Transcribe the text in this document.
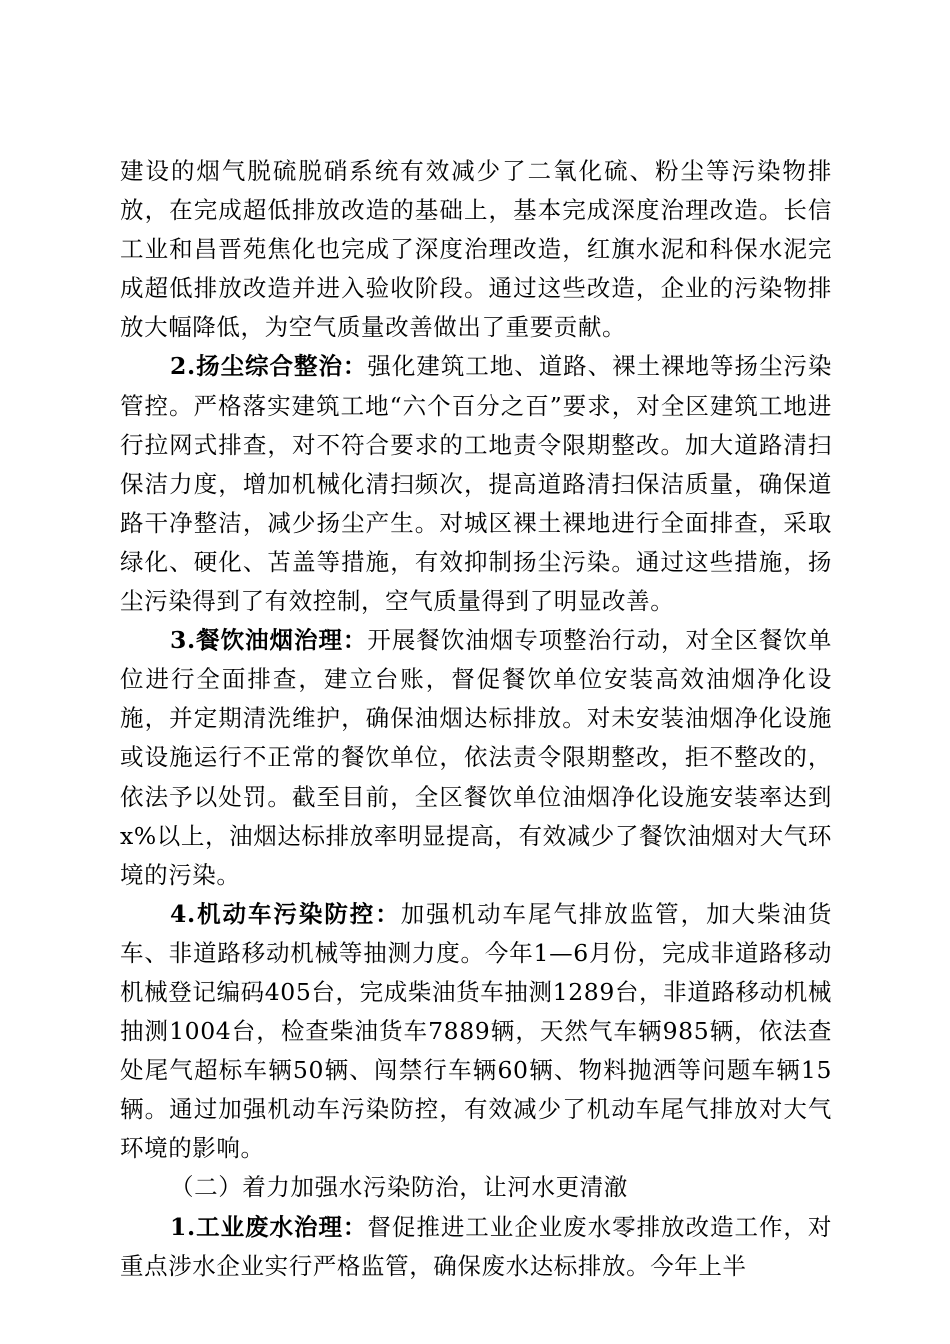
建设的烟气脱硫脱硝系统有效减少了二氧化硫、粉尘等污染物排放，在完成超低排放改造的基础上，基本完成深度治理改造。长信工业和昌晋苑焦化也完成了深度治理改造，红旗水泥和科保水泥完成超低排放改造并进入验收阶段。通过这些改造，企业的污染物排放大幅降低，为空气质量改善做出了重要贡献。

2.扬尘综合整治：强化建筑工地、道路、裸土裸地等扬尘污染管控。严格落实建筑工地“六个百分之百”要求，对全区建筑工地进行拉网式排查，对不符合要求的工地责令限期整改。加大道路清扫保洁力度，增加机械化清扫频次，提高道路清扫保洁质量，确保道路干净整洁，减少扬尘产生。对城区裸土裸地进行全面排查，采取绿化、硬化、苫盖等措施，有效抑制扬尘污染。通过这些措施，扬尘污染得到了有效控制，空气质量得到了明显改善。

3.餐饮油烟治理：开展餐饮油烟专项整治行动，对全区餐饮单位进行全面排查，建立台账，督促餐饮单位安装高效油烟净化设施，并定期清洗维护，确保油烟达标排放。对未安装油烟净化设施或设施运行不正常的餐饮单位，依法责令限期整改，拒不整改的，依法予以处罚。截至目前，全区餐饮单位油烟净化设施安装率达到x%以上，油烟达标排放率明显提高，有效减少了餐饮油烟对大气环境的污染。

4.机动车污染防控：加强机动车尾气排放监管，加大柴油货车、非道路移动机械等抽测力度。今年1—6月份，完成非道路移动机械登记编码405台，完成柴油货车抽测1289台，非道路移动机械抽测1004台，检查柴油货车7889辆，天然气车辆985辆，依法查处尾气超标车辆50辆、闯禁行车辆60辆、物料抛洒等问题车辆15辆。通过加强机动车污染防控，有效减少了机动车尾气排放对大气环境的影响。

（二）着力加强水污染防治，让河水更清澈

1.工业废水治理：督促推进工业企业废水零排放改造工作，对重点涉水企业实行严格监管，确保废水达标排放。今年上半
